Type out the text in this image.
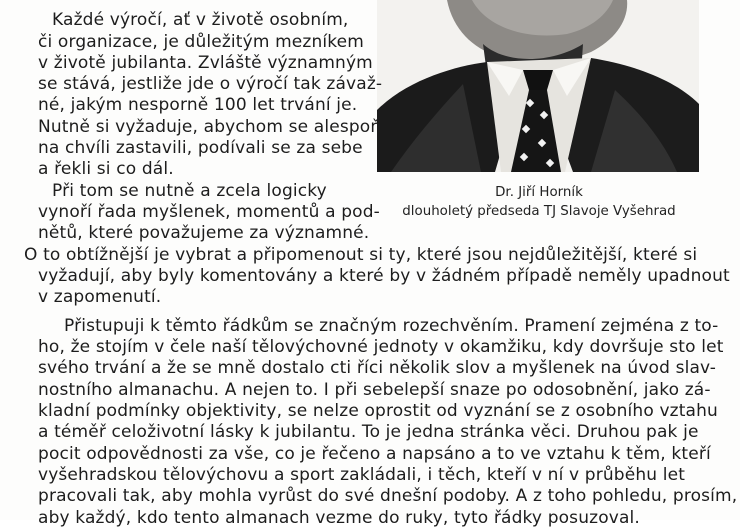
Dr. Jiří Horník
dlouholetý předseda TJ Slavoje Vyšehrad
Každé výročí, ať v životě osobním,
či organizace, je důležitým mezníkem
v životě jubilanta. Zvláště významným
se stává, jestliže jde o výročí tak závaž-
né, jakým nesporně 100 let trvání je.
Nutně si vyžaduje, abychom se alespoň
na chvíli zastavili, podívali se za sebe
a řekli si co dál.
Při tom se nutně a zcela logicky
vynoří řada myšlenek, momentů a pod-
nětů, které považujeme za významné.
O to obtížnější je vybrat a připomenout si ty, které jsou nejdůležitější, které si
vyžadují, aby byly komentovány a které by v žádném případě neměly upadnout
v zapomenutí.
Přistupuji k těmto řádkům se značným rozechvěním. Pramení zejména z to-
ho, že stojím v čele naší tělovýchovné jednoty v okamžiku, kdy dovršuje sto let
svého trvání a že se mně dostalo cti říci několik slov a myšlenek na úvod slav-
nostního almanachu. A nejen to. I při sebelepší snaze po odosobnění, jako zá-
kladní podmínky objektivity, se nelze oprostit od vyznání se z osobního vztahu
a téměř celoživotní lásky k jubilantu. To je jedna stránka věci. Druhou pak je
pocit odpovědnosti za vše, co je řečeno a napsáno a to ve vztahu k těm, kteří
vyšehradskou tělovýchovu a sport zakládali, i těch, kteří v ní v průběhu let
pracovali tak, aby mohla vyrůst do své dnešní podoby. A z toho pohledu, prosím,
aby každý, kdo tento almanach vezme do ruky, tyto řádky posuzoval.
